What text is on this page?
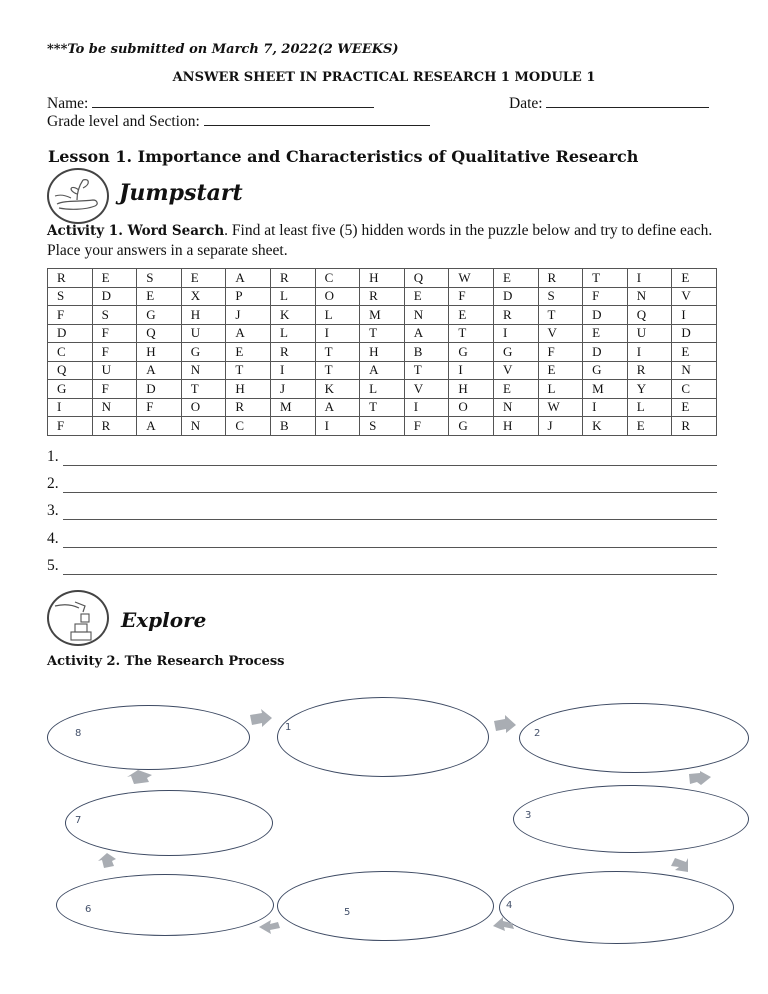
***To be submitted on March 7, 2022(2 WEEKS)
ANSWER SHEET IN PRACTICAL RESEARCH 1 MODULE 1
Name:	Date:
Grade level and Section:
Lesson 1. Importance and Characteristics of Qualitative Research
Jumpstart
Activity 1. Word Search. Find at least five (5) hidden words in the puzzle below and try to define each. Place your answers in a separate sheet.
R	E	S	E	A	R	C	H	Q	W	E	R	T	I	E
S	D	E	X	P	L	O	R	E	F	D	S	F	N	V
F	S	G	H	J	K	L	M	N	E	R	T	D	Q	I
D	F	Q	U	A	L	I	T	A	T	I	V	E	U	D
C	F	H	G	E	R	T	H	B	G	G	F	D	I	E
Q	U	A	N	T	I	T	A	T	I	V	E	G	R	N
G	F	D	T	H	J	K	L	V	H	E	L	M	Y	C
I	N	F	O	R	M	A	T	I	O	N	W	I	L	E
F	R	A	N	C	B	I	S	F	G	H	J	K	E	R
1.
2.
3.
4.
5.
Explore
Activity 2. The Research Process
8
1
2
7	3
6	5
4
